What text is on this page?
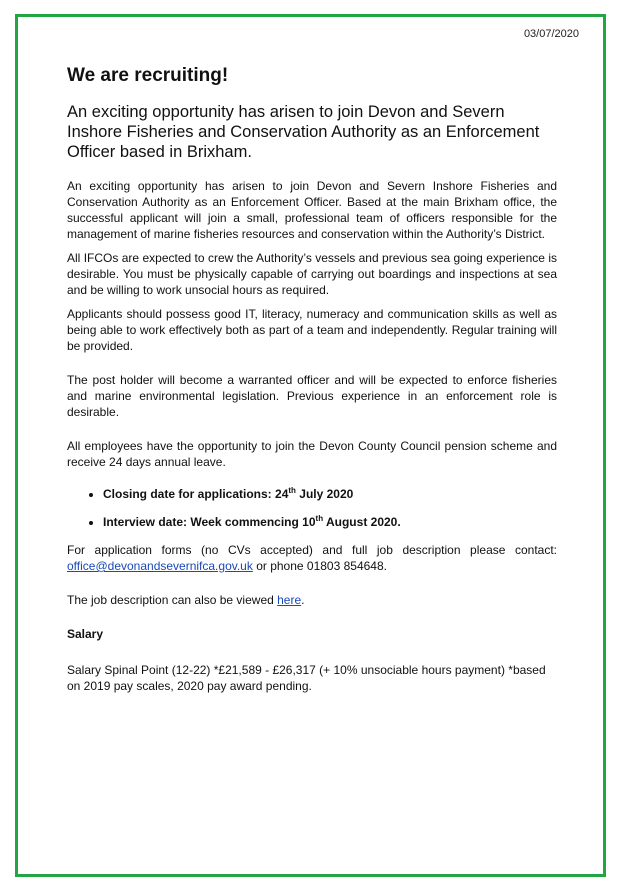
03/07/2020
We are recruiting!
An exciting opportunity has arisen to join Devon and Severn Inshore Fisheries and Conservation Authority as an Enforcement Officer based in Brixham.

An exciting opportunity has arisen to join Devon and Severn Inshore Fisheries and Conservation Authority as an Enforcement Officer. Based at the main Brixham office, the successful applicant will join a small, professional team of officers responsible for the management of marine fisheries resources and conservation within the Authority’s District.

All IFCOs are expected to crew the Authority’s vessels and previous sea going experience is desirable. You must be physically capable of carrying out boardings and inspections at sea and be willing to work unsocial hours as required.

Applicants should possess good IT, literacy, numeracy and communication skills as well as being able to work effectively both as part of a team and independently. Regular training will be provided.

The post holder will become a warranted officer and will be expected to enforce fisheries and marine environmental legislation. Previous experience in an enforcement role is desirable.

All employees have the opportunity to join the Devon County Council pension scheme and receive 24 days annual leave.

• Closing date for applications: 24th July 2020
• Interview date: Week commencing 10th August 2020.

For application forms (no CVs accepted) and full job description please contact: office@devonandsevernifca.gov.uk or phone 01803 854648.

The job description can also be viewed here.

Salary

Salary Spinal Point (12-22) *£21,589 - £26,317 (+ 10% unsociable hours payment) *based on 2019 pay scales, 2020 pay award pending.
